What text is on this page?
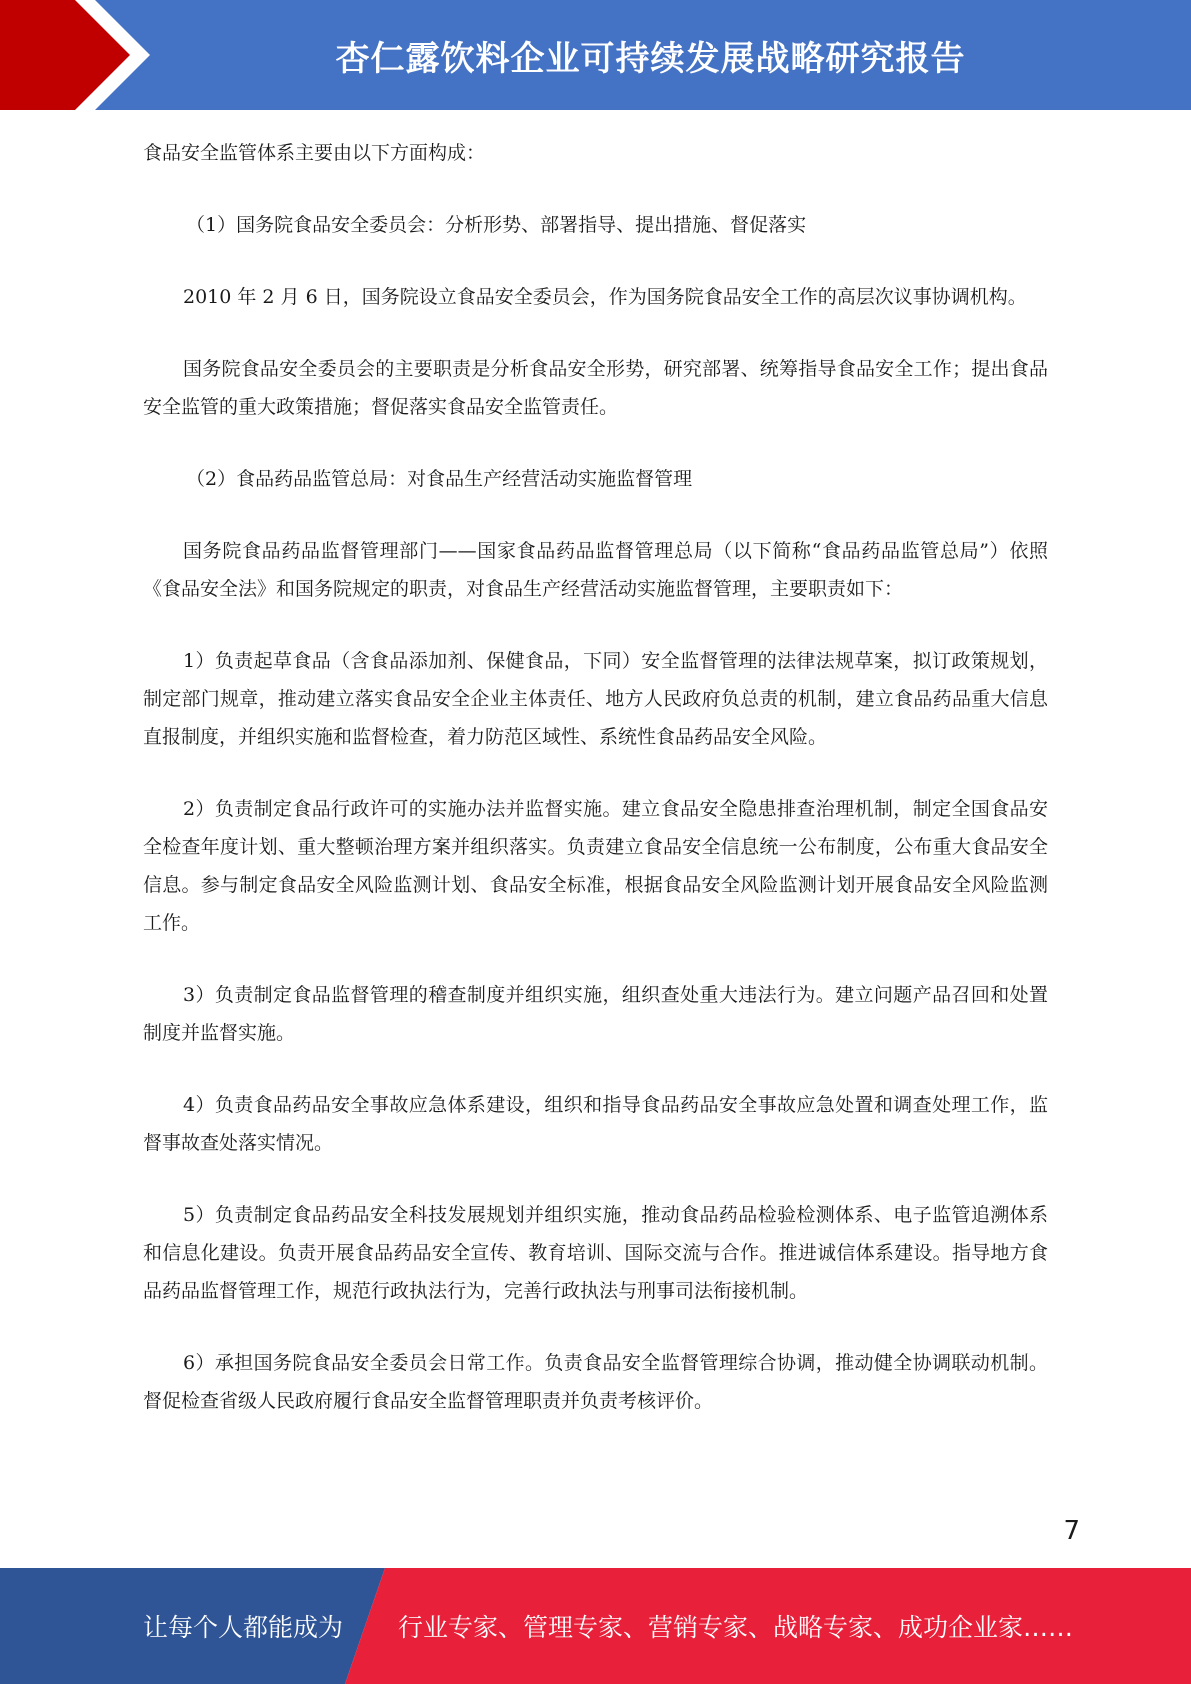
杏仁露饮料企业可持续发展战略研究报告

食品安全监管体系主要由以下方面构成：

（1）国务院食品安全委员会：分析形势、部署指导、提出措施、督促落实

2010 年 2 月 6 日，国务院设立食品安全委员会，作为国务院食品安全工作的高层次议事协调机构。

国务院食品安全委员会的主要职责是分析食品安全形势，研究部署、统筹指导食品安全工作；提出食品安全监管的重大政策措施；督促落实食品安全监管责任。

（2）食品药品监管总局：对食品生产经营活动实施监督管理

国务院食品药品监督管理部门——国家食品药品监督管理总局（以下简称“食品药品监管总局”）依照《食品安全法》和国务院规定的职责，对食品生产经营活动实施监督管理，主要职责如下：

1）负责起草食品（含食品添加剂、保健食品，下同）安全监督管理的法律法规草案，拟订政策规划，制定部门规章，推动建立落实食品安全企业主体责任、地方人民政府负总责的机制，建立食品药品重大信息直报制度，并组织实施和监督检查，着力防范区域性、系统性食品药品安全风险。

2）负责制定食品行政许可的实施办法并监督实施。建立食品安全隐患排查治理机制，制定全国食品安全检查年度计划、重大整顿治理方案并组织落实。负责建立食品安全信息统一公布制度，公布重大食品安全信息。参与制定食品安全风险监测计划、食品安全标准，根据食品安全风险监测计划开展食品安全风险监测工作。

3）负责制定食品监督管理的稽查制度并组织实施，组织查处重大违法行为。建立问题产品召回和处置制度并监督实施。

4）负责食品药品安全事故应急体系建设，组织和指导食品药品安全事故应急处置和调查处理工作，监督事故查处落实情况。

5）负责制定食品药品安全科技发展规划并组织实施，推动食品药品检验检测体系、电子监管追溯体系和信息化建设。负责开展食品药品安全宣传、教育培训、国际交流与合作。推进诚信体系建设。指导地方食品药品监督管理工作，规范行政执法行为，完善行政执法与刑事司法衔接机制。

6）承担国务院食品安全委员会日常工作。负责食品安全监督管理综合协调，推动健全协调联动机制。督促检查省级人民政府履行食品安全监督管理职责并负责考核评价。

7
让每个人都能成为 行业专家、管理专家、营销专家、战略专家、成功企业家……
